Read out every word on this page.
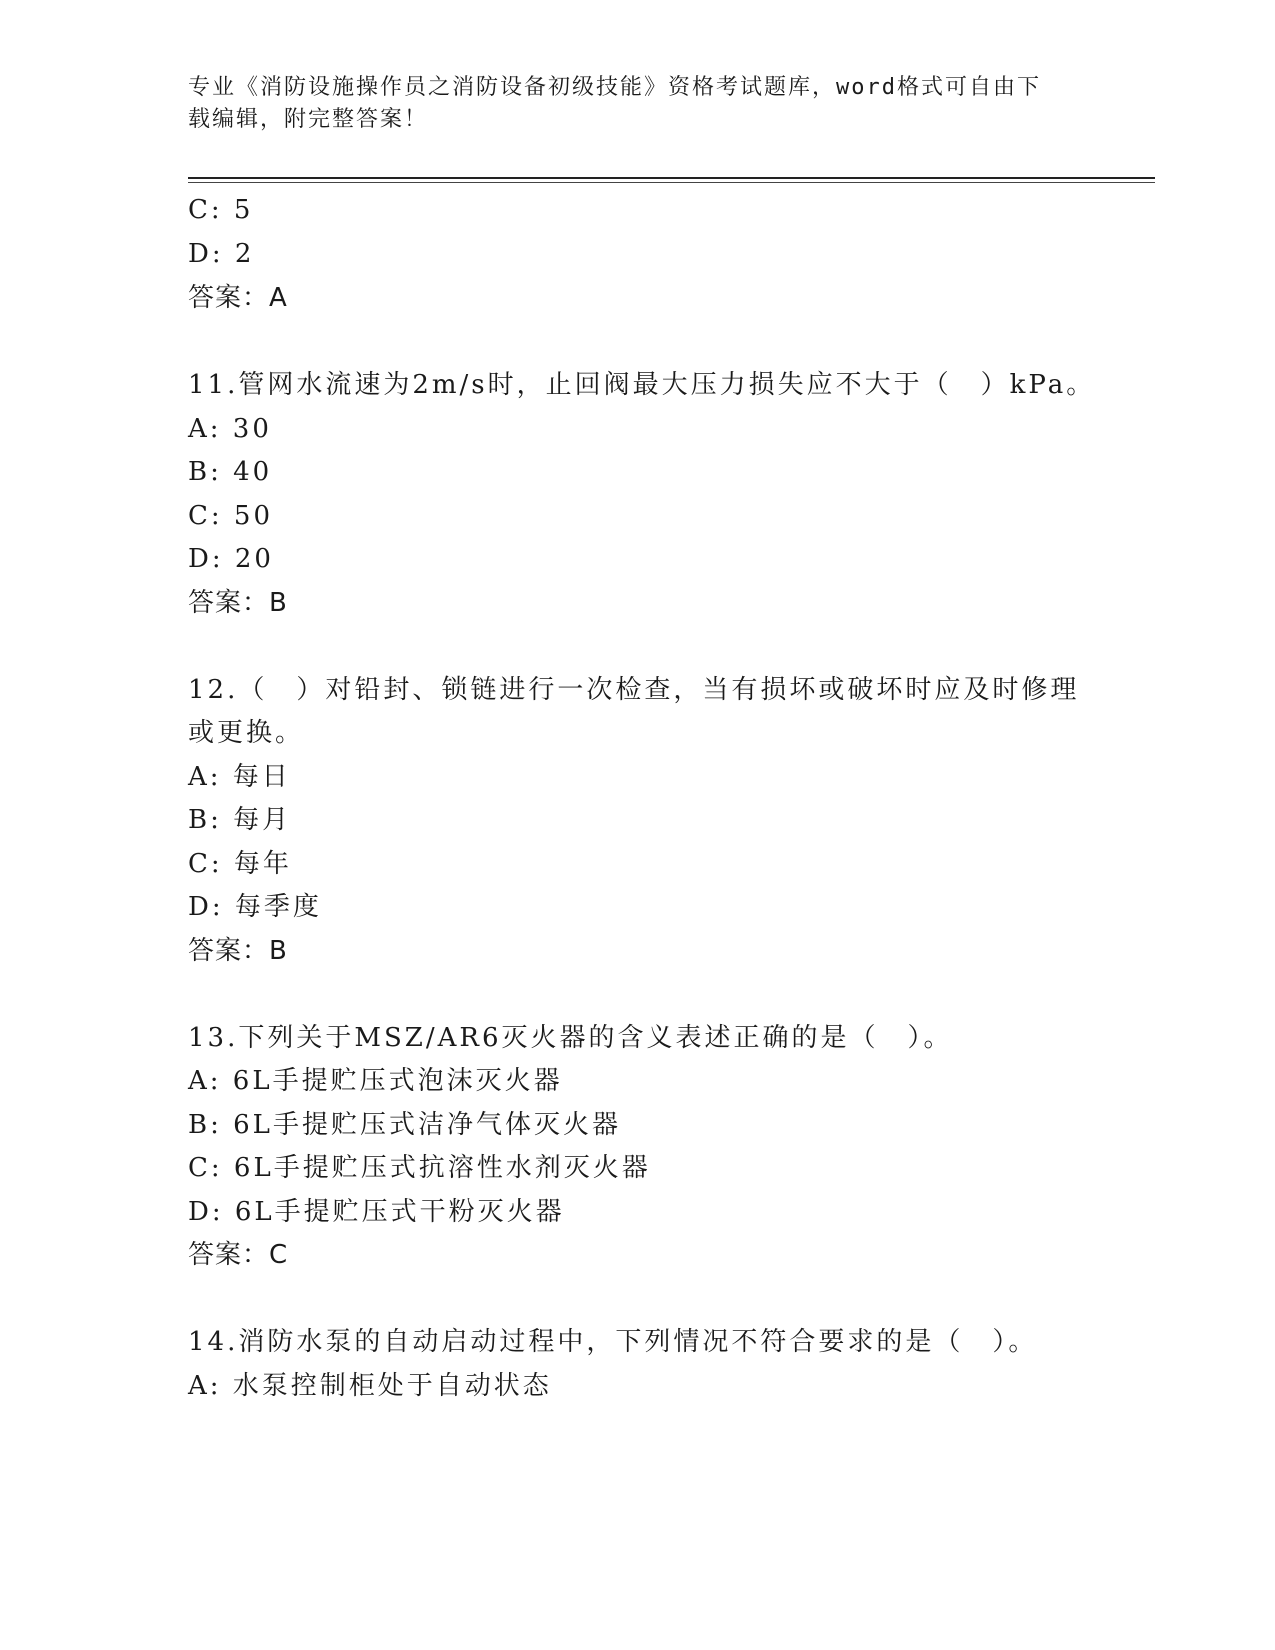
专业《消防设施操作员之消防设备初级技能》资格考试题库，word格式可自由下
载编辑，附完整答案！
C: 5
D: 2
答案：A
11.管网水流速为2m/s时，止回阀最大压力损失应不大于（　）kPa。
A: 30
B: 40
C: 50
D: 20
答案：B
12.（　）对铅封、锁链进行一次检查，当有损坏或破坏时应及时修理
或更换。
A: 每日
B: 每月
C: 每年
D: 每季度
答案：B
13.下列关于MSZ/AR6灭火器的含义表述正确的是（　）。
A: 6L手提贮压式泡沫灭火器
B: 6L手提贮压式洁净气体灭火器
C: 6L手提贮压式抗溶性水剂灭火器
D: 6L手提贮压式干粉灭火器
答案：C
14.消防水泵的自动启动过程中，下列情况不符合要求的是（　）。
A: 水泵控制柜处于自动状态
